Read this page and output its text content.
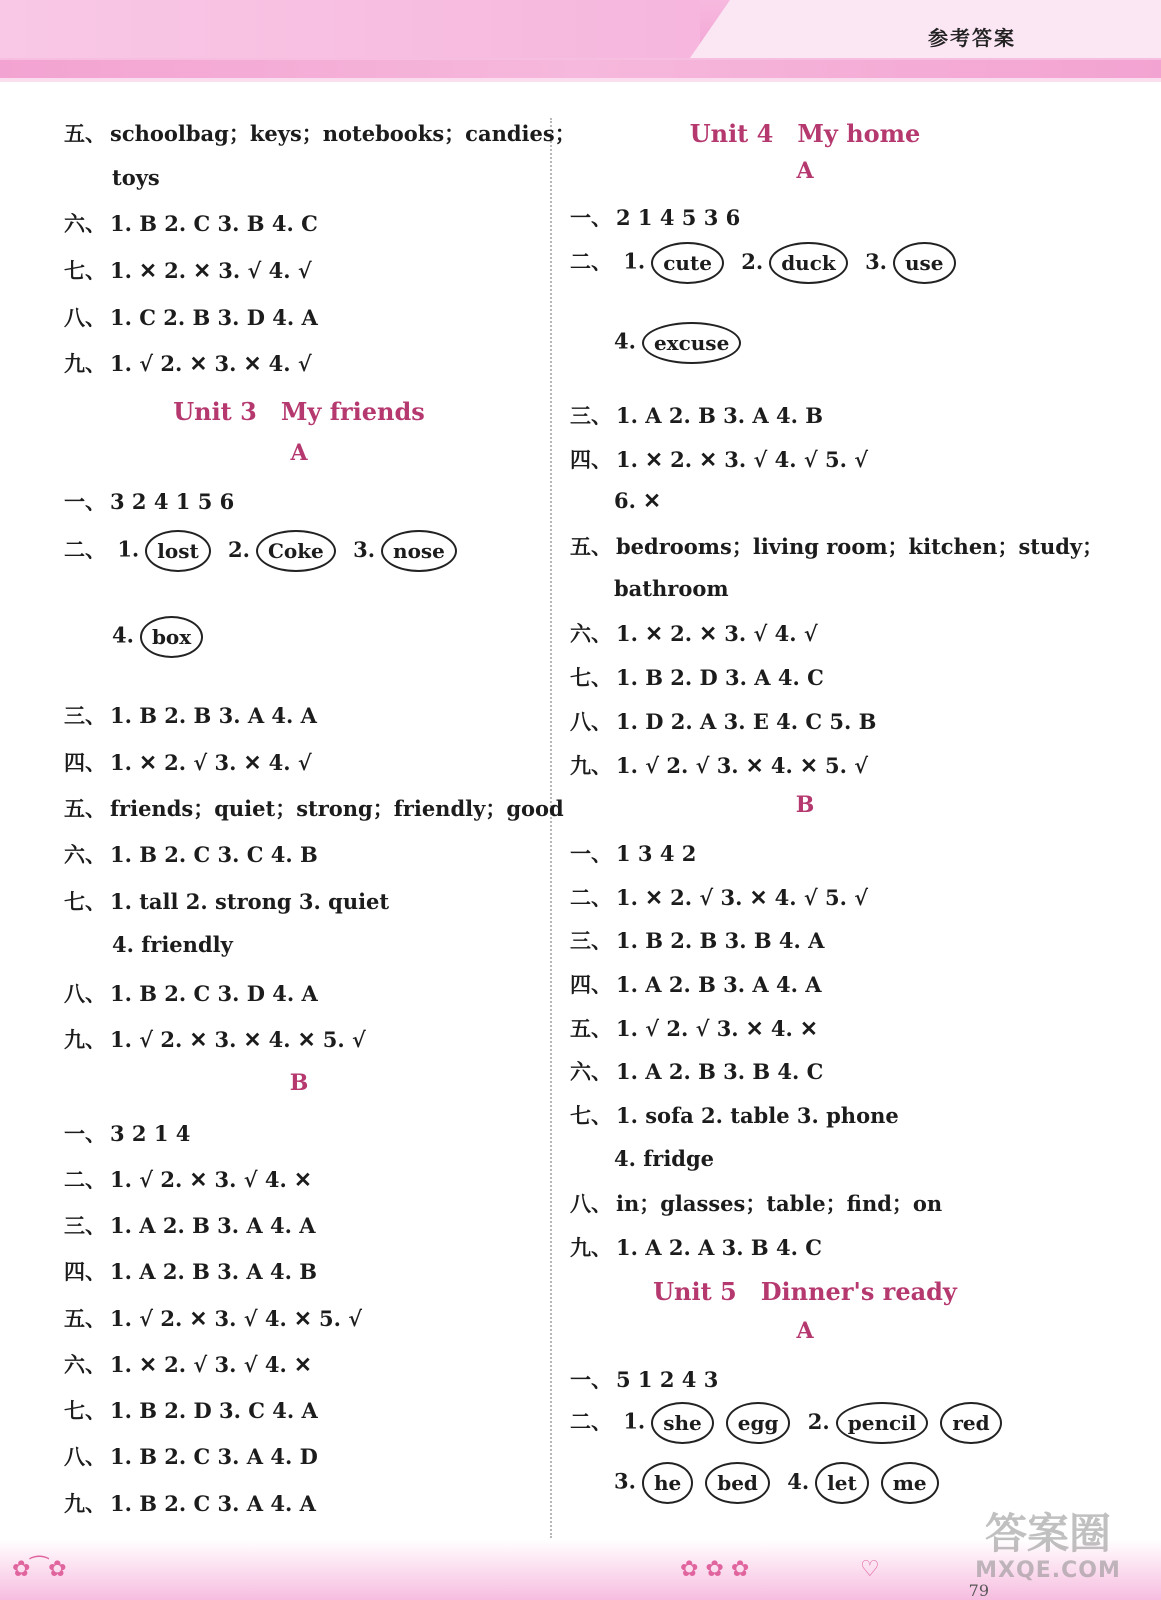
参考答案
五、 schoolbag；keys；notebooks；candies；
toys
六、 1. B 2. C 3. B 4. C
七、 1. ✕ 2. ✕ 3. √ 4. √
八、 1. C 2. B 3. D 4. A
九、 1. √ 2. ✕ 3. ✕ 4. √
Unit 3　My friends
A
一、 3 2 4 1 5 6
二、 1. lost 2. Coke 3. nose
4. box
三、 1. B 2. B 3. A 4. A
四、 1. ✕ 2. √ 3. ✕ 4. √
五、 friends；quiet；strong；friendly；good
六、 1. B 2. C 3. C 4. B
七、 1. tall 2. strong 3. quiet
4. friendly
八、 1. B 2. C 3. D 4. A
九、 1. √ 2. ✕ 3. ✕ 4. ✕ 5. √
B
一、 3 2 1 4
二、 1. √ 2. ✕ 3. √ 4. ✕
三、 1. A 2. B 3. A 4. A
四、 1. A 2. B 3. A 4. B
五、 1. √ 2. ✕ 3. √ 4. ✕ 5. √
六、 1. ✕ 2. √ 3. √ 4. ✕
七、 1. B 2. D 3. C 4. A
八、 1. B 2. C 3. A 4. D
九、 1. B 2. C 3. A 4. A
Unit 4　My home
A
一、 2 1 4 5 3 6
二、 1. cute 2. duck 3. use
4. excuse
三、 1. A 2. B 3. A 4. B
四、 1. ✕ 2. ✕ 3. √ 4. √ 5. √
6. ✕
五、 bedrooms；living room；kitchen；study；
bathroom
六、 1. ✕ 2. ✕ 3. √ 4. √
七、 1. B 2. D 3. A 4. C
八、 1. D 2. A 3. E 4. C 5. B
九、 1. √ 2. √ 3. ✕ 4. ✕ 5. √
B
一、 1 3 4 2
二、 1. ✕ 2. √ 3. ✕ 4. √ 5. √
三、 1. B 2. B 3. B 4. A
四、 1. A 2. B 3. A 4. A
五、 1. √ 2. √ 3. ✕ 4. ✕
六、 1. A 2. B 3. B 4. C
七、 1. sofa 2. table 3. phone
4. fridge
八、 in；glasses；table；find；on
九、 1. A 2. A 3. B 4. C
Unit 5　Dinner's ready
A
一、 5 1 2 4 3
二、 1. she egg 2. pencil red
3. he bed 4. let me
✿⁀✿	✿ ✿ ✿	♡
79
答案圈
MXQE.COM
